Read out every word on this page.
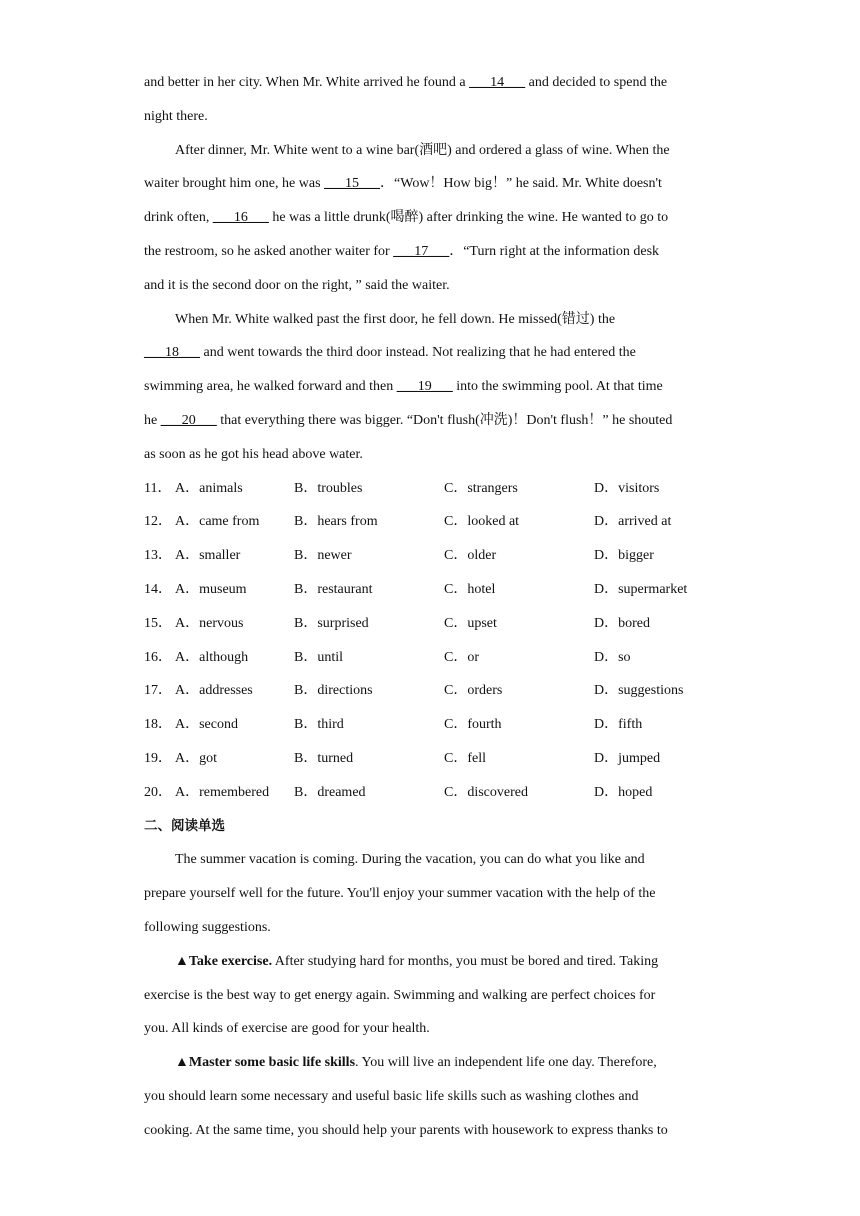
and better in her city. When Mr. White arrived he found a ___14___ and decided to spend the
night there.
After dinner, Mr. White went to a wine bar(酒吧) and ordered a glass of wine. When the
waiter brought him one, he was ___15___．“Wow！How big！” he said. Mr. White doesn't
drink often, ___16___ he was a little drunk(喝醉) after drinking the wine. He wanted to go to
the restroom, so he asked another waiter for ___17___．“Turn right at the information desk
and it is the second door on the right, ” said the waiter.
When Mr. White walked past the first door, he fell down. He missed(错过) the
___18___ and went towards the third door instead. Not realizing that he had entered the
swimming area, he walked forward and then ___19___ into the swimming pool. At that time
he ___20___ that everything there was bigger. “Don't flush(冲洗)！Don't flush！” he shouted
as soon as he got his head above water.
11． A．animals	B．troubles	C．strangers	D．visitors
12． A．came from B．hears from	C．looked at	D．arrived at
13． A．smaller	B．newer	C．older	D．bigger
14． A．museum	B．restaurant	C．hotel	D．supermarket
15． A．nervous	B．surprised	C．upset	D．bored
16． A．although	B．until	C．or	D．so
17． A．addresses	B．directions	C．orders	D．suggestions
18． A．second	B．third	C．fourth	D．fifth
19． A．got	B．turned	C．fell	D．jumped
20． A．remembered B．dreamed	C．discovered	D．hoped
二、阅读单选
The summer vacation is coming. During the vacation, you can do what you like and
prepare yourself well for the future. You'll enjoy your summer vacation with the help of the
following suggestions.
▲Take exercise. After studying hard for months, you must be bored and tired. Taking
exercise is the best way to get energy again. Swimming and walking are perfect choices for
you. All kinds of exercise are good for your health.
▲Master some basic life skills. You will live an independent life one day. Therefore,
you should learn some necessary and useful basic life skills such as washing clothes and
cooking. At the same time, you should help your parents with housework to express thanks to
